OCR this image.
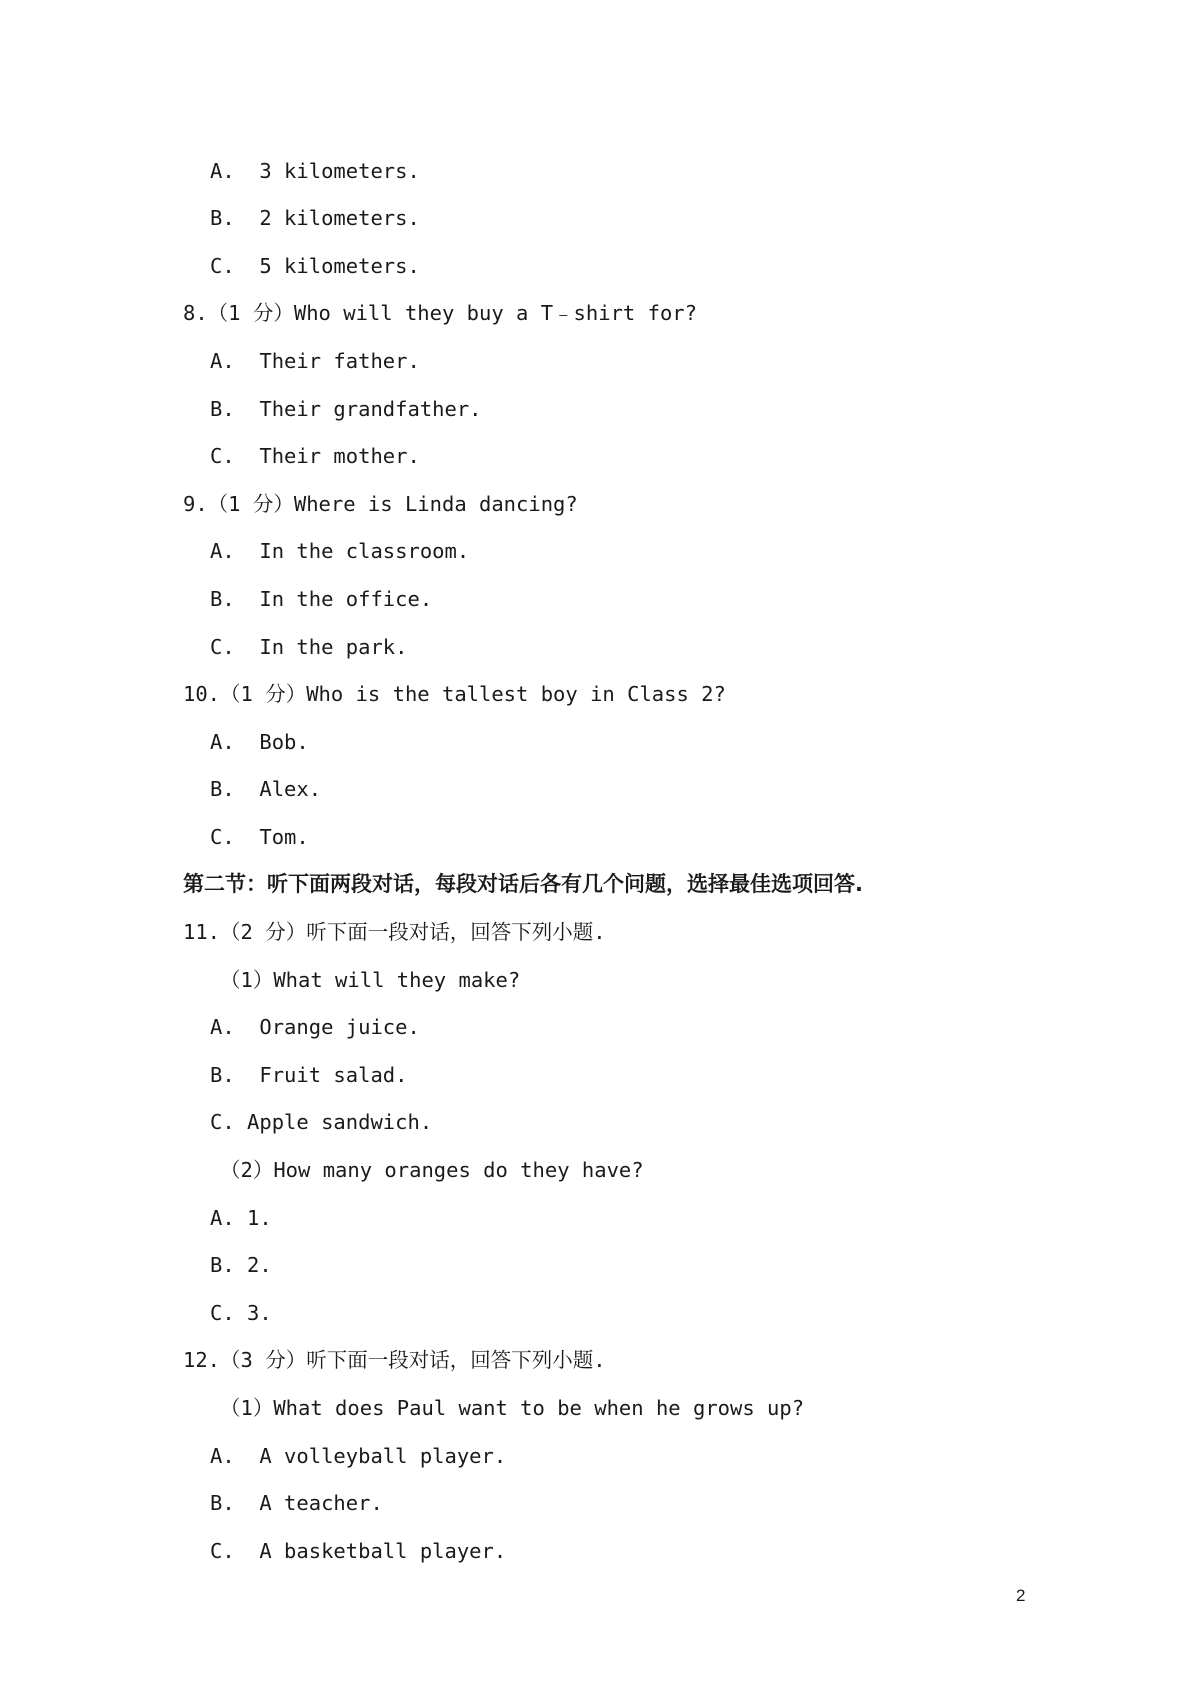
A.  3 kilometers.
B.  2 kilometers.
C.  5 kilometers.
8.（1 分）Who will they buy a T﹣shirt for?
A.  Their father.
B.  Their grandfather.
C.  Their mother.
9.（1 分）Where is Linda dancing?
A.  In the classroom.
B.  In the office.
C.  In the park.
10.（1 分）Who is the tallest boy in Class 2?
A.  Bob.
B.  Alex.
C.  Tom.
第二节：听下面两段对话，每段对话后各有几个问题，选择最佳选项回答.
11.（2 分）听下面一段对话，回答下列小题.
（1）What will they make?
A.  Orange juice.
B.  Fruit salad.
C. Apple sandwich.
（2）How many oranges do they have?
A. 1.
B. 2.
C. 3.
12.（3 分）听下面一段对话，回答下列小题.
（1）What does Paul want to be when he grows up?
A.  A volleyball player.
B.  A teacher.
C.  A basketball player.
2
